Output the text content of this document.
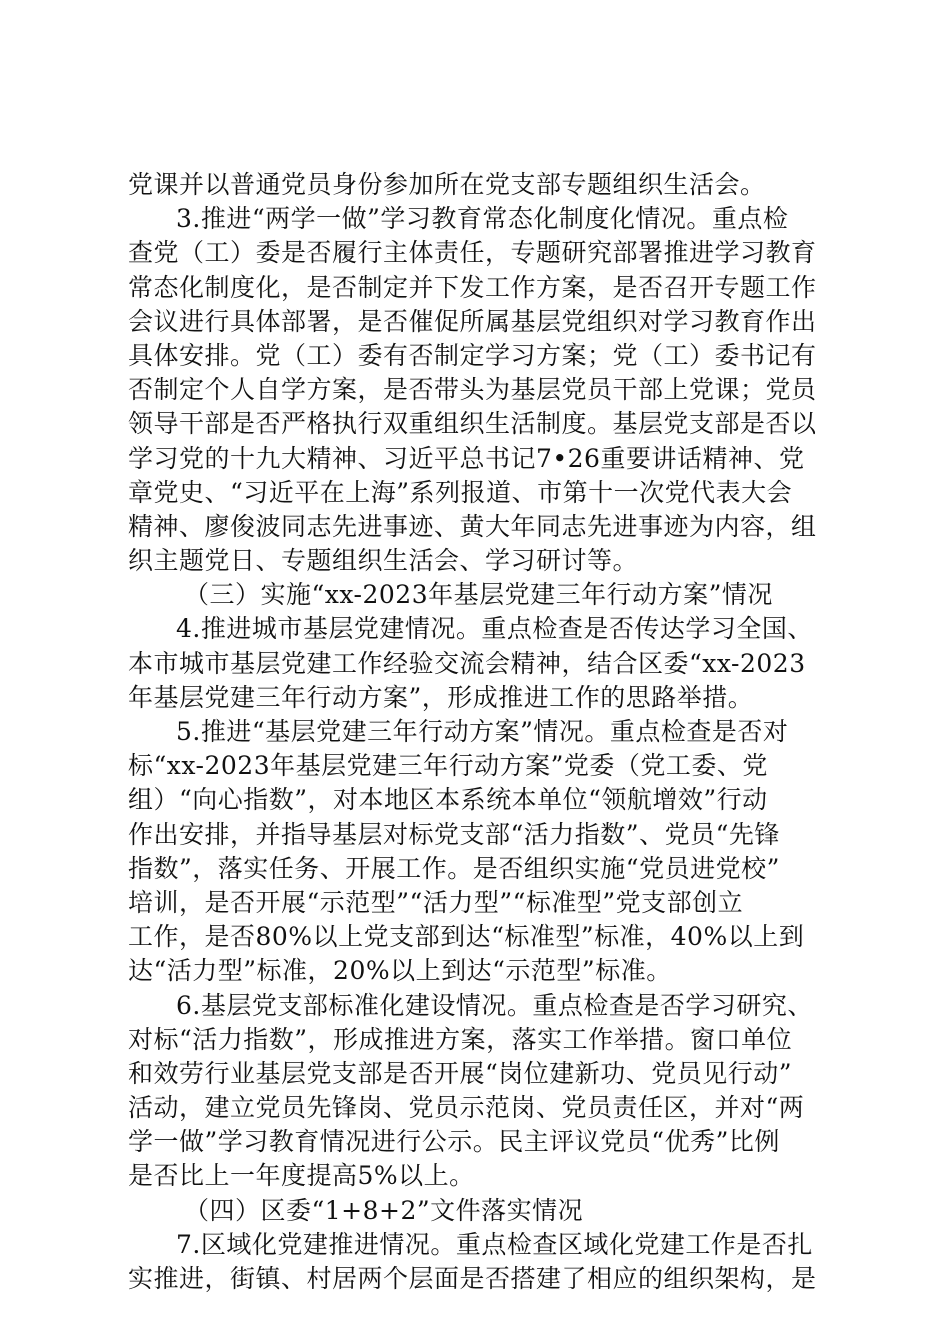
党课并以普通党员身份参加所在党支部专题组织生活会。
3.推进“两学一做”学习教育常态化制度化情况。重点检
查党（工）委是否履行主体责任，专题研究部署推进学习教育
常态化制度化，是否制定并下发工作方案，是否召开专题工作
会议进行具体部署，是否催促所属基层党组织对学习教育作出
具体安排。党（工）委有否制定学习方案；党（工）委书记有
否制定个人自学方案，是否带头为基层党员干部上党课；党员
领导干部是否严格执行双重组织生活制度。基层党支部是否以
学习党的十九大精神、习近平总书记7•26重要讲话精神、党
章党史、“习近平在上海”系列报道、市第十一次党代表大会
精神、廖俊波同志先进事迹、黄大年同志先进事迹为内容，组
织主题党日、专题组织生活会、学习研讨等。
（三）实施“xx-2023年基层党建三年行动方案”情况
4.推进城市基层党建情况。重点检查是否传达学习全国、
本市城市基层党建工作经验交流会精神，结合区委“xx-2023
年基层党建三年行动方案”，形成推进工作的思路举措。
5.推进“基层党建三年行动方案”情况。重点检查是否对
标“xx-2023年基层党建三年行动方案”党委（党工委、党
组）“向心指数”，对本地区本系统本单位“领航增效”行动
作出安排，并指导基层对标党支部“活力指数”、党员“先锋
指数”，落实任务、开展工作。是否组织实施“党员进党校”
培训，是否开展“示范型”“活力型”“标准型”党支部创立
工作，是否80%以上党支部到达“标准型”标准，40%以上到
达“活力型”标准，20%以上到达“示范型”标准。
6.基层党支部标准化建设情况。重点检查是否学习研究、
对标“活力指数”，形成推进方案，落实工作举措。窗口单位
和效劳行业基层党支部是否开展“岗位建新功、党员见行动”
活动，建立党员先锋岗、党员示范岗、党员责任区，并对“两
学一做”学习教育情况进行公示。民主评议党员“优秀”比例
是否比上一年度提高5%以上。
（四）区委“1+8+2”文件落实情况
7.区域化党建推进情况。重点检查区域化党建工作是否扎
实推进，街镇、村居两个层面是否搭建了相应的组织架构，是
